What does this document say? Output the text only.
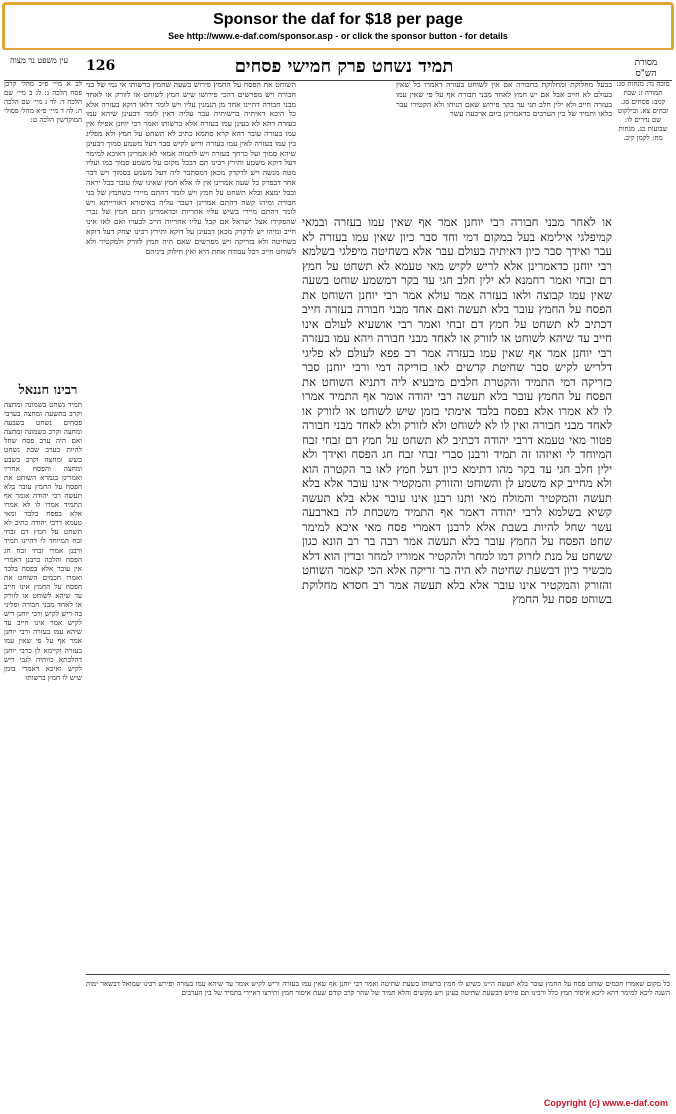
Sponsor the daf for $18 per page
See http://www.e-daf.com/sponsor.asp - or click the sponsor button - for details
עין משפט נר מצוה 126	תמיד נשחט פרק חמישי פסחים	מסורת הש"ס
לב א מיי׳ פ״ב מהל׳ קרבן פסח הלכה ג: לג ב מיי׳ שם הלכה ד: לד ג מיי׳ שם הלכה ה: לה ד מיי׳ פ״א מהל׳ פסולי המוקדשין הלכה ט:
רבינו חננאל
תמיד נשחט בשמונה ומחצה וקרב בתשעה ומחצה בערבי פסחים נשחט בשבעה ומחצה וקרב בשמונה ומחצה ואם היה ערב פסח שחל להיות בערב שבת נשחט בשש ומחצה וקרב בשבע ומחצה והפסח אחריו ואמרינן בגמרא השוחט את הפסח על החמץ עובר בלא תעשה רבי יהודה אומר אף התמיד אמרו לו לא אמרו אלא בפסח בלבד ומאי טעמא דרבי יהודה כתיב לא תשחט על חמץ דם זבחי זבח המיוחד לי דהיינו תמיד ורבנן אמרי זבחי זבח חג הפסח והלכה כרבנן דאמרי אין עובר אלא בפסח בלבד ואמרו חכמים השוחט את הפסח על החמץ אינו חייב עד שיהא לשוחט או לזורק או לאחד מבני חבורה ופליגי בה ריש לקיש ורבי יוחנן ריש לקיש אמר אינו חייב עד שיהא עמו בעזרה ורבי יוחנן אמר אף על פי שאין עמו בעזרה וקיימא לן כרבי יוחנן דהלכתא כוותיה לגבי ריש לקיש ואיכא דאמרי בזמן שיש לו חמץ ברשותו
השוחט את הפסח על החמץ פירוש בשעה שחמץ ברשותו אי נמי של בני חבורה ויש מפרשים דהכי פירושו שיש חמץ לשוחט או לזורק או לאחד מבני חבורה דהיינו אחד מן הנמנין עליו ויש לומר דלאו דוקא בעזרה אלא כל היכא דאיתיה ברשותיה עבר עליה דאין לומר דבעינן שיהא עמו בעזרה דהא לא בעינן עמו בעזרה אלא ברשותו ואמר רבי יוחנן אפילו אין עמו בעזרה עובר דהא קרא סתמא כתיב לא תשחט על חמץ ולא מפליג בין עמו בעזרה לאין עמו בעזרה וריש לקיש סבר דעל משמע סמוך דבעינן שיהא סמוך ועל כרחך בעזרה ויש לתמוה אמאי לא אמרינן דאיכא למימר דעל דוקא משמע ותירץ רבינו תם דבכל מקום על משמע סמוך כמו ועליו מטה מנשה ויש לדקדק מכאן דמסתבר ליה דעל משמע בסמוך ויש דבר אחר דבפרק כל שעה אמרינן אין לו אלא חמץ שאינו שלו עובר בבל יראה ובבל ימצא ובלא תשחט על חמץ ויש לומר דהתם מיירי כשחמץ של בני חבורה ומיהו קשה דהתם אמרינן דעבר עליה באיסורא דאורייתא ויש לומר דהתם מיירי בשיש עליו אחריות וכדאמרינן התם חמץ של נכרי שהפקידו אצל ישראל אם קבל עליו אחריות חייב לבערו ואם לאו אינו חייב ומיהו יש לדקדק מכאן דבעינן על דוקא ותירץ רבינו יצחק דעל דוקא בשחיטה ולא בזריקה ויש מפרשים שאם היה חמץ לזורק ולמקטיר ולא לשוחט חייב דכל עבודה אחת היא ואין חילוק ביניהם
בבעל מחלוקת ומחלוקת בחבורה אם אין לשוחט בעזרה דאמרו כל שאין בעולם לא חייב אבל אם יש חמץ לאחד מבני חבורה אף על פי שאין עמו בעזרה חייב ולא ילין חלב חגי עד בקר פירוש שאם הניחו ולא הקטירו עבר בלאו ותמיד של בין הערבים כדאמרינן ביום ארבעה עשר
או לאחר מבני חבורה רבי יוחנן אמר אף שאין עמו בעזרה ובמאי קמיפלגי אילימא בעל במקום דמי וחד סבר כיון שאין עמו בעזרה לא עבר ואידך סבר כיון דאיתיה בעולם עבר אלא בשחיטה מיפלגי בשלמא רבי יוחנן כדאמרינן אלא לריש לקיש מאי טעמא לא תשחט על חמץ דם זבחי ואמר רחמנא לא ילין חלב חגי עד בקר דמשמע שוחט בשעה שאין עמו קבוצה ולאו בעזרה אמר עולא אמר רבי יוחנן השוחט את הפסח על החמץ עובר בלא תעשה ואם אחד מבני חבורה בעזרה חייב דכתיב לא תשחט על חמץ דם זבחי ואמר רבי אושעיא לעולם אינו חייב עד שיהא לשוחט או לזורק או לאחד מבני חבורה ויהא עמו בעזרה רבי יוחנן אמר אף שאין עמו בעזרה אמר רב פפא לעולם לא פליגי דלריש לקיש סבר שחיטת קדשים לאו כזריקה דמי ורבי יוחנן סבר כזריקה דמי התמיד והקטרת חלבים מיבעיא ליה דתניא השוחט את הפסח על החמץ עובר בלא תעשה רבי יהודה אומר אף התמיד אמרו לו לא אמרו אלא בפסח בלבד אימתי בזמן שיש לשוחט או לזורק או לאחד מבני חבורה ואין לו לא לשוחט ולא לזורק ולא לאחד מבני חבורה פטור מאי טעמא דרבי יהודה דכתיב לא תשחט על חמץ דם זבחי זבח המיוחד לי ואיזהו זה תמיד ורבנן סברי זבחי זבח חג הפסח ואידך ולא ילין חלב חגי עד בקר מהו דתימא כיון דעל חמץ לאו בר הקטרה הוא ולא מחייב קא משמע לן והשוחט והזורק והמקטיר אינו עובר אלא בלא תעשה והמקטיר והמולח מאי ותנו רבנן אינו עובר אלא בלא תעשה קשיא בשלמא לרבי יהודה דאמר אף התמיד משכחת לה בארבעה עשר שחל להיות בשבת אלא לרבנן דאמרי פסח מאי איכא למימר שחט הפסח על החמץ עובר בלא תעשה אמר רבה בר רב הונא כגון ששחט על מנת לזרוק דמו למחר ולהקטיר אמוריו למחר ובדין הוא דלא מכשיר כיון דבשעת שחיטה לא היה בר זריקה אלא הכי קאמר השוחט והזורק והמקטיר אינו עובר אלא בלא תעשה אמר רב חסדא מחלוקת בשוחט פסח על החמץ
סוכה נד: מנחות סג: תמורה ז: שבת קמב: פסחים סג. זבחים צא. ובילקוט שם נדרים לו: שבועות כג. מנחות מח: לקמן קיב.
כל מקום שאמרו חכמים שוחט פסח על החמץ עובר בלא תעשה היינו כשיש לו חמץ ברשותו בשעת שחיטה ואמר רבי יוחנן אף שאין עמו בעזרה וריש לקיש אומר עד שיהא עמו בעזרה ופירש רבינו שמואל דבשאר ימות השנה ליכא למימר דהא ליכא איסור חמץ כלל ורבינו תם פירש דבשעת שחיטה בעינן ויש מקשים והלא תמיד של שחר קרב קודם שעת איסור חמץ ותירצו דאיירי בתמיד של בין הערבים
Copyright (c) www.e-daf.com
